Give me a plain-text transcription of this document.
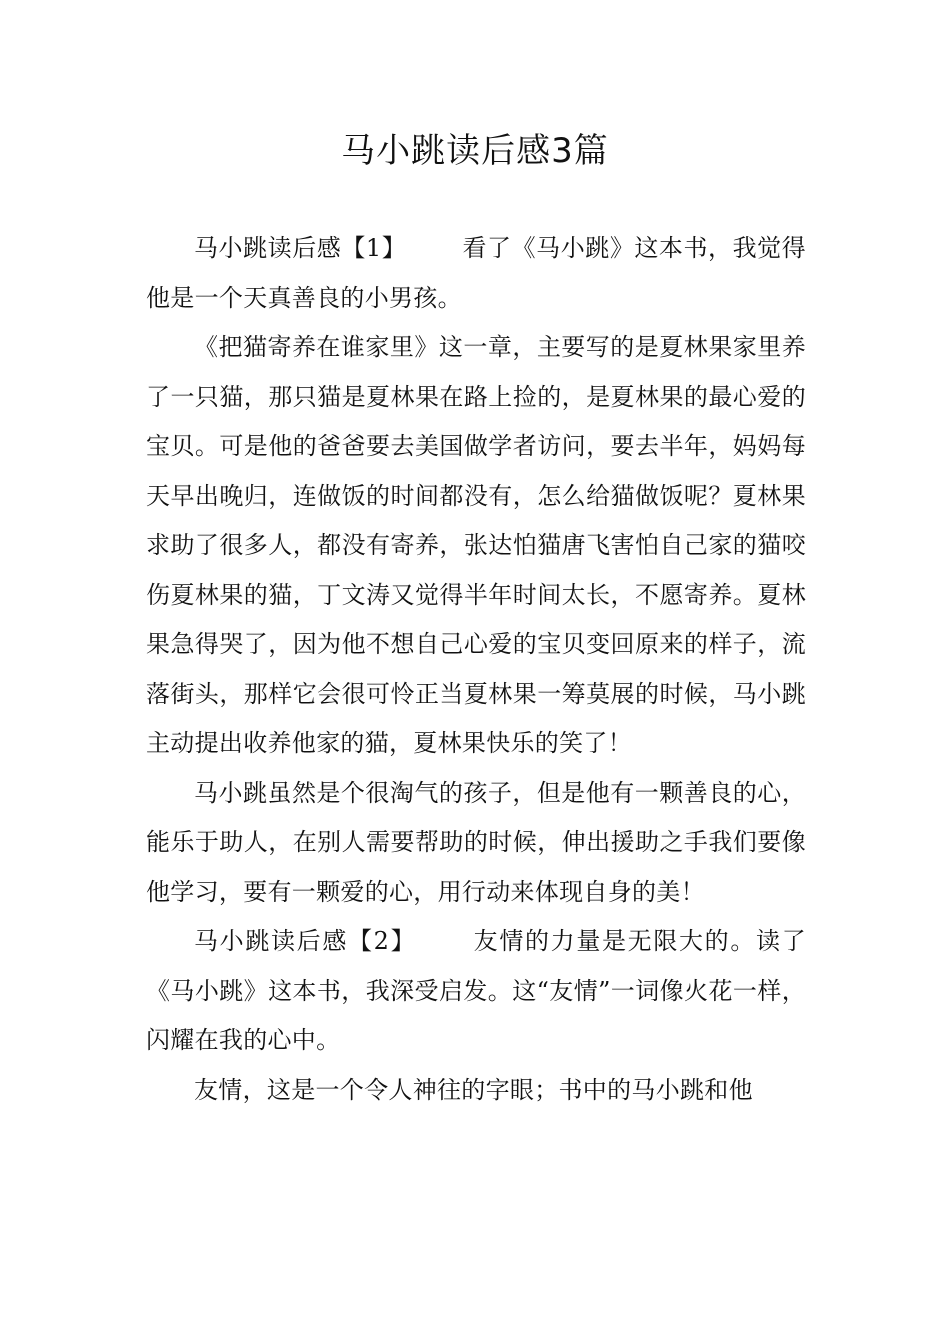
马小跳读后感3篇

马小跳读后感【1】 看了《马小跳》这本书，我觉得他是一个天真善良的小男孩。

《把猫寄养在谁家里》这一章，主要写的是夏林果家里养了一只猫，那只猫是夏林果在路上捡的，是夏林果的最心爱的宝贝。可是他的爸爸要去美国做学者访问，要去半年，妈妈每天早出晚归，连做饭的时间都没有，怎么给猫做饭呢？夏林果求助了很多人，都没有寄养，张达怕猫唐飞害怕自己家的猫咬伤夏林果的猫，丁文涛又觉得半年时间太长，不愿寄养。夏林果急得哭了，因为他不想自己心爱的宝贝变回原来的样子，流落街头，那样它会很可怜正当夏林果一筹莫展的时候，马小跳主动提出收养他家的猫，夏林果快乐的笑了！

马小跳虽然是个很淘气的孩子，但是他有一颗善良的心，能乐于助人，在别人需要帮助的时候，伸出援助之手我们要像他学习，要有一颗爱的心，用行动来体现自身的美！

马小跳读后感【2】 友情的力量是无限大的。读了《马小跳》这本书，我深受启发。这“友情”一词像火花一样，闪耀在我的心中。

友情，这是一个令人神往的字眼；书中的马小跳和他
